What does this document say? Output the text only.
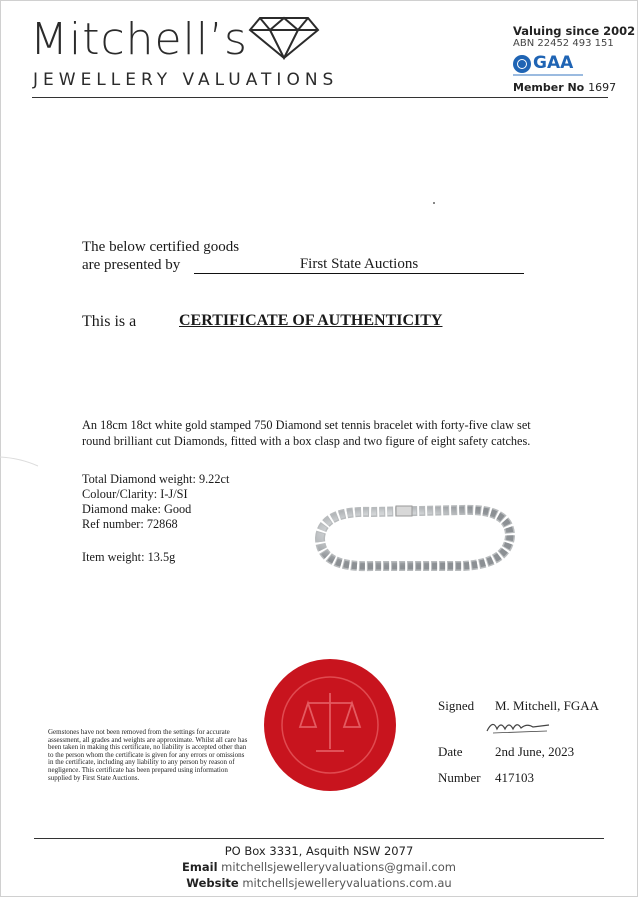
Mitchell’s
JEWELLERY VALUATIONS
Valuing since 2002
ABN 22452 493 151
GAA
Member No 1697
The below certified goods
are presented by	First State Auctions
This is a	CERTIFICATE OF AUTHENTICITY
An 18cm 18ct white gold stamped 750 Diamond set tennis bracelet with forty-five claw set round brilliant cut Diamonds, fitted with a box clasp and two figure of eight safety catches.
Total Diamond weight: 9.22ct
Colour/Clarity: I-J/SI
Diamond make: Good
Ref number: 72868
Item weight: 13.5g
Signed M. Mitchell, FGAA
Date 2nd June, 2023
Number 417103
Gemstones have not been removed from the settings for accurate assessment, all grades and weights are approximate. Whilst all care has been taken in making this certificate, no liability is accepted other than to the person whom the certificate is given for any errors or omissions in the certificate, including any liability to any person by reason of negligence. This certificate has been prepared using information supplied by First State Auctions.
PO Box 3331, Asquith NSW 2077
Email mitchellsjewelleryvaluations@gmail.com
Website mitchellsjewelleryvaluations.com.au
